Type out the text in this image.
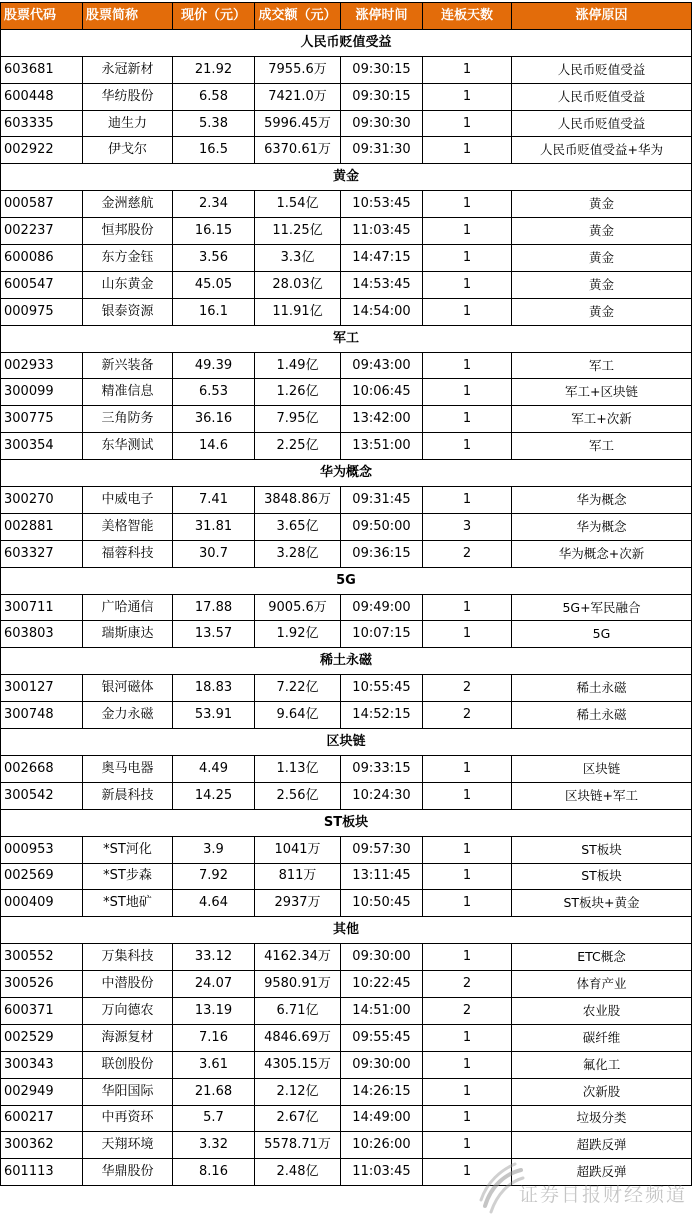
股票代码	股票简称	现价（元）	成交额（元）	涨停时间	连板天数	涨停原因
人民币贬值受益						
603681	永冠新材	21.92	7955.6万	09:30:15	1	人民币贬值受益
600448	华纺股份	6.58	7421.0万	09:30:15	1	人民币贬值受益
603335	迪生力	5.38	5996.45万	09:30:30	1	人民币贬值受益
002922	伊戈尔	16.5	6370.61万	09:31:30	1	人民币贬值受益+华为
黄金						
000587	金洲慈航	2.34	1.54亿	10:53:45	1	黄金
002237	恒邦股份	16.15	11.25亿	11:03:45	1	黄金
600086	东方金钰	3.56	3.3亿	14:47:15	1	黄金
600547	山东黄金	45.05	28.03亿	14:53:45	1	黄金
000975	银泰资源	16.1	11.91亿	14:54:00	1	黄金
军工						
002933	新兴装备	49.39	1.49亿	09:43:00	1	军工
300099	精准信息	6.53	1.26亿	10:06:45	1	军工+区块链
300775	三角防务	36.16	7.95亿	13:42:00	1	军工+次新
300354	东华测试	14.6	2.25亿	13:51:00	1	军工
华为概念						
300270	中威电子	7.41	3848.86万	09:31:45	1	华为概念
002881	美格智能	31.81	3.65亿	09:50:00	3	华为概念
603327	福蓉科技	30.7	3.28亿	09:36:15	2	华为概念+次新
5G						
300711	广哈通信	17.88	9005.6万	09:49:00	1	5G+军民融合
603803	瑞斯康达	13.57	1.92亿	10:07:15	1	5G
稀土永磁						
300127	银河磁体	18.83	7.22亿	10:55:45	2	稀土永磁
300748	金力永磁	53.91	9.64亿	14:52:15	2	稀土永磁
区块链						
002668	奥马电器	4.49	1.13亿	09:33:15	1	区块链
300542	新晨科技	14.25	2.56亿	10:24:30	1	区块链+军工
ST板块						
000953	*ST河化	3.9	1041万	09:57:30	1	ST板块
002569	*ST步森	7.92	811万	13:11:45	1	ST板块
000409	*ST地矿	4.64	2937万	10:50:45	1	ST板块+黄金
其他						
300552	万集科技	33.12	4162.34万	09:30:00	1	ETC概念
300526	中潜股份	24.07	9580.91万	10:22:45	2	体育产业
600371	万向德农	13.19	6.71亿	14:51:00	2	农业股
002529	海源复材	7.16	4846.69万	09:55:45	1	碳纤维
300343	联创股份	3.61	4305.15万	09:30:00	1	氟化工
002949	华阳国际	21.68	2.12亿	14:26:15	1	次新股
600217	中再资环	5.7	2.67亿	14:49:00	1	垃圾分类
300362	天翔环境	3.32	5578.71万	10:26:00	1	超跌反弹
601113	华鼎股份	8.16	2.48亿	11:03:45	1	超跌反弹
证券日报财经频道
